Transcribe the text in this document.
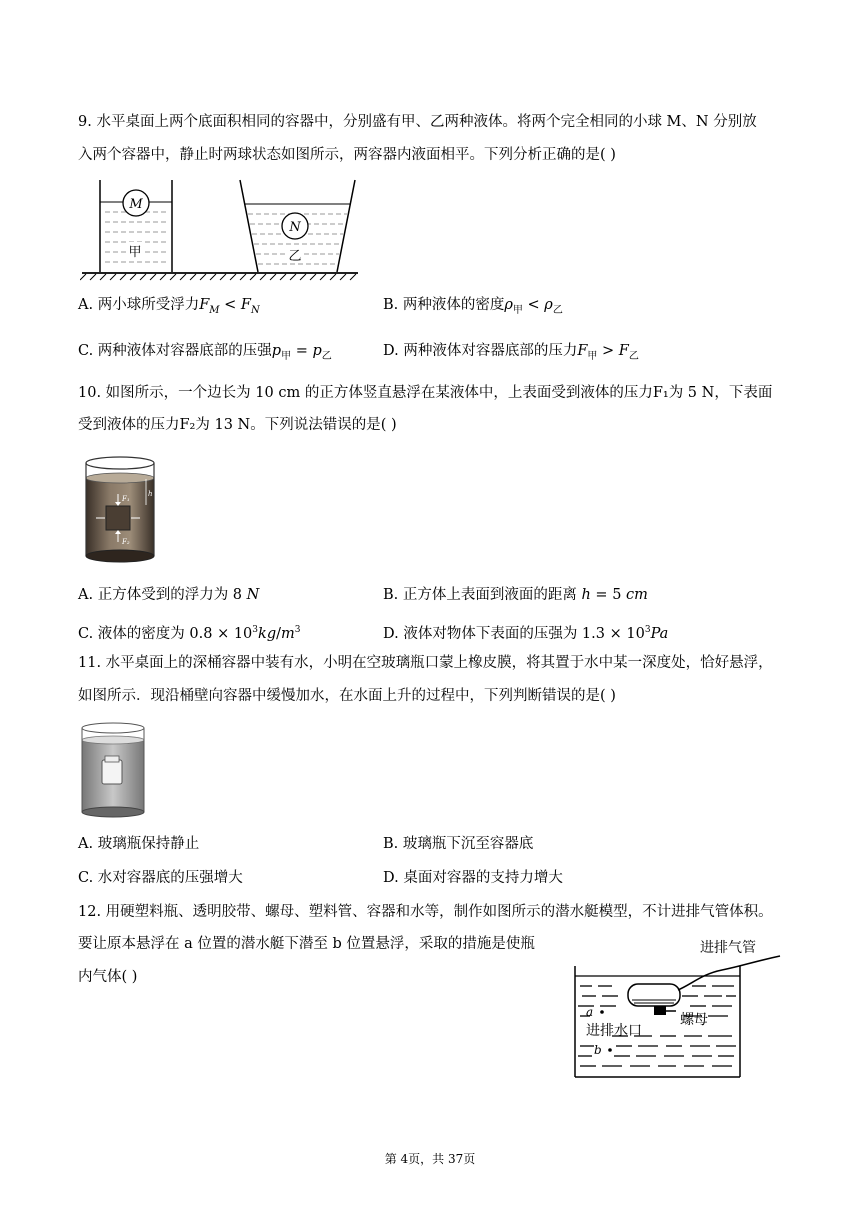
9. 水平桌面上两个底面积相同的容器中，分别盛有甲、乙两种液体。将两个完全相同的小球 M、N 分别放
入两个容器中，静止时两球状态如图所示，两容器内液面相平。下列分析正确的是( )
M
甲
N
乙
A. 两小球所受浮力$F_M < F_N$	B. 两种液体的密度$\rho_甲 < \rho_乙$
C. 两种液体对容器底部的压强$p_甲 = p_乙$	D. 两种液体对容器底部的压力$F_甲 > F_乙$
10. 如图所示，一个边长为 10 cm 的正方体竖直悬浮在某液体中，上表面受到液体的压力F₁为 5 N，下表面
受到液体的压力F₂为 13 N。下列说法错误的是( )
F₁
F₂
h
A. 正方体受到的浮力为 8 N	B. 正方体上表面到液面的距离 h = 5 cm
C. 液体的密度为 $0.8 \times 10^3kg/m^3$	D. 液体对物体下表面的压强为 $1.3 \times 10^3Pa$
11. 水平桌面上的深桶容器中装有水，小明在空玻璃瓶口蒙上橡皮膜，将其置于水中某一深度处，恰好悬浮，
如图所示．现沿桶壁向容器中缓慢加水，在水面上升的过程中，下列判断错误的是( )
A. 玻璃瓶保持静止	B. 玻璃瓶下沉至容器底
C. 水对容器底的压强增大	D. 桌面对容器的支持力增大
12. 用硬塑料瓶、透明胶带、螺母、塑料管、容器和水等，制作如图所示的潜水艇模型，不计进排气管体积。
要让原本悬浮在 a 位置的潜水艇下潜至 b 位置悬浮，采取的措施是使瓶
内气体( )
进排气管
螺母
进排水口
a
b
第 4页，共 37页
